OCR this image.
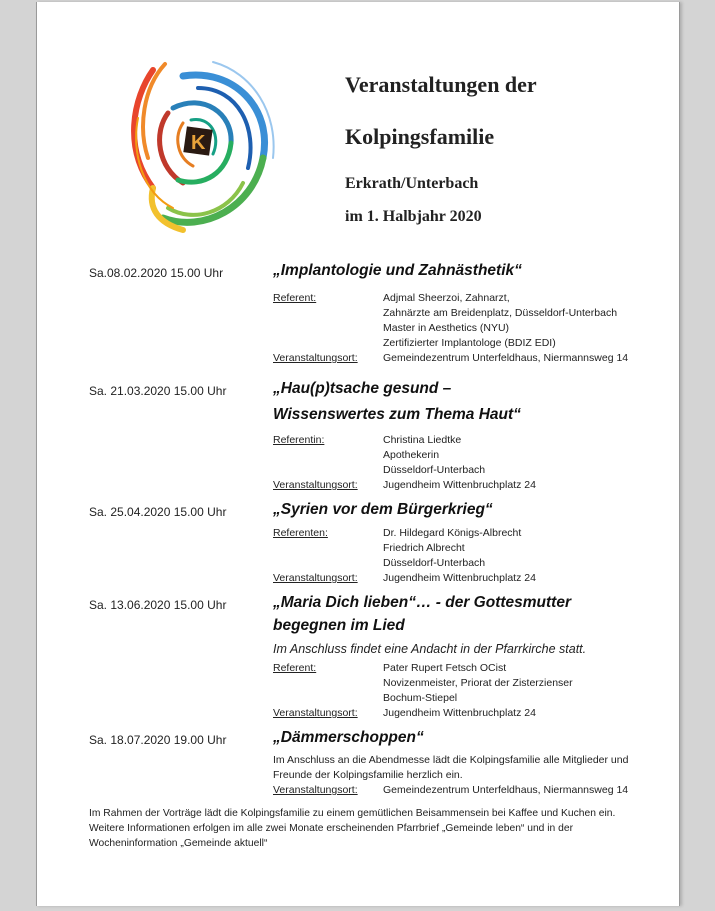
K
Veranstaltungen der
Kolpingsfamilie
Erkrath/Unterbach
im 1. Halbjahr 2020
Sa.08.02.2020 15.00 Uhr	„Implantologie und Zahnästhetik“
Referent:	Adjmal Sheerzoi, Zahnarzt,
Zahnärzte am Breidenplatz, Düsseldorf-Unterbach
Master in Aesthetics (NYU)
Zertifizierter Implantologe (BDIZ EDI)
Veranstaltungsort: Gemeindezentrum Unterfeldhaus, Niermannsweg 14
Sa. 21.03.2020 15.00 Uhr	„Hau(p)tsache gesund –
Wissenswertes zum Thema Haut“
Referentin:	Christina Liedtke
Apothekerin
Düsseldorf-Unterbach
Veranstaltungsort: Jugendheim Wittenbruchplatz 24
Sa. 25.04.2020 15.00 Uhr	„Syrien vor dem Bürgerkrieg“
Referenten:	Dr. Hildegard Königs-Albrecht
Friedrich Albrecht
Düsseldorf-Unterbach
Veranstaltungsort: Jugendheim Wittenbruchplatz 24
Sa. 13.06.2020 15.00 Uhr	„Maria Dich lieben“… - der Gottesmutter
begegnen im Lied
Im Anschluss findet eine Andacht in der Pfarrkirche statt.
Referent:	Pater Rupert Fetsch OCist
Novizenmeister, Priorat der Zisterzienser
Bochum-Stiepel
Veranstaltungsort: Jugendheim Wittenbruchplatz 24
Sa. 18.07.2020 19.00 Uhr	„Dämmerschoppen“
Im Anschluss an die Abendmesse lädt die Kolpingsfamilie alle Mitglieder und Freunde der Kolpingsfamilie herzlich ein.
Veranstaltungsort: Gemeindezentrum Unterfeldhaus, Niermannsweg 14
Im Rahmen der Vorträge lädt die Kolpingsfamilie zu einem gemütlichen Beisammensein bei Kaffee und Kuchen ein. Weitere Informationen erfolgen im alle zwei Monate erscheinenden Pfarrbrief „Gemeinde leben“ und in der Wocheninformation „Gemeinde aktuell“
